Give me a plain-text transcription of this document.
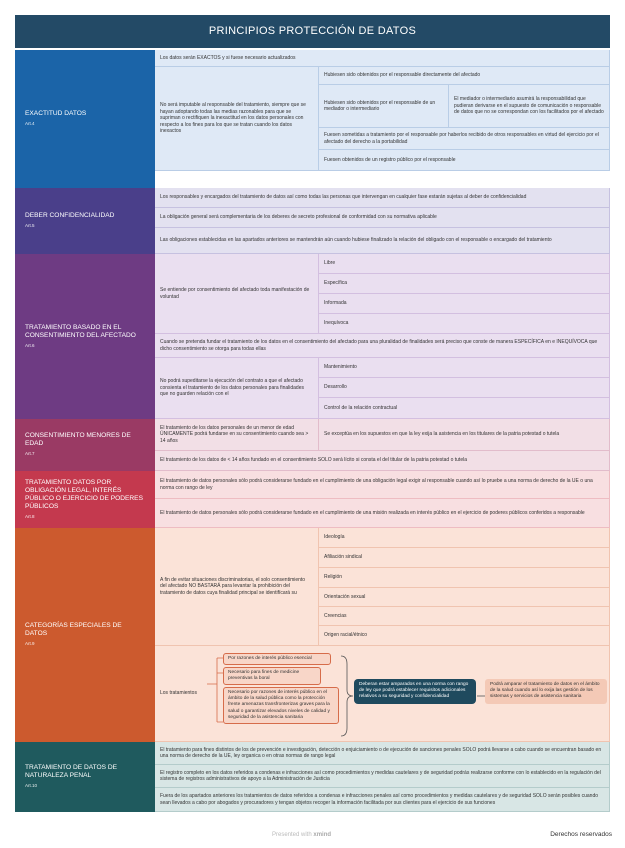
PRINCIPIOS PROTECCIÓN DE DATOS
EXACTITUD DATOS
Art.4
Los datos serán EXACTOS y si fuese necesario actualizados
No será imputable al responsable del tratamiento, siempre que se hayan adoptando todas las medias razonables para que se supriman o rectifiquen la inexactitud en los datos personales con respecto a los fines para los que se tratan cuando los datos inexactos
Hubiesen sido obtenidos por el responsable directamente del afectado
Hubiesen sido obtenidos por el responsable de un mediador o intermediario
El mediador o intermediario asumirá la responsabilidad que pudieran derivarse en el supuesto de comunicación o responsable de datos que no se correspondan con los facilitados por el afectado
Fuesen sometidas a tratamiento por el responsable por haberlos recibido de otros responsables en virtud del ejercicio por el afectado del derecho a la portabilidad
Fuesen obtenidos de un registro público por el responsable
DEBER CONFIDENCIALIDAD
Art.5
Los responsables y encargados del tratamiento de datos así como todas las personas que intervengan en cualquier fase estarán sujetas al deber de confidencialidad
La obligación general será complementaria de los deberes de secreto profesional de conformidad con su normativa aplicable
Las obligaciones establecidas en las apartados anteriores se mantendrán aún cuando hubiese finalizado la relación del obligado con el responsable o encargado del tratamiento
TRATAMIENTO BASADO EN EL CONSENTIMIENTO DEL AFECTADO
Art.6
Se entiende por consentimiento del afectado toda manifestación de voluntad
Libre
Específica
Informada
Inequívoca
Cuando se pretenda fundar el tratamiento de los datos en el consentimiento del afectado para una pluralidad de finalidades será preciso que conste de manera ESPECÍFICA en e INEQUÍVOCA que dicho consentimiento se otorga para todas ellas
No podrá supeditarse la ejecución del contrato a que el afectado consienta el tratamiento de los datos personales para finalidades que no guarden relación con el
Mantenimiento
Desarrollo
Control de la relación contractual
CONSENTIMIENTO MENORES DE EDAD
Art.7
El tratamiento de los datos personales de un menor de edad ÚNICAMENTE podrá fundarse en su consentimiento cuando sea > 14 años
Se exceptúa en los supuestos en que la ley exija la asistencia en los titulares de la patria potestad o tutela
El tratamiento de los datos de < 14 años fundado en el consentimiento SOLO será lícito si consta el del titular de la patria potestad o tutela
TRATAMIENTO DATOS POR OBLIGACIÓN LEGAL, INTERÉS PÚBLICO O EJERCICIO DE PODERES PÚBLICOS
Art.8
El tratamiento de datos personales sólo podrá considerarse fundado en el cumplimiento de una obligación legal exigir al responsable cuando así lo pruebe a una norma de derecho de la UE o una norma con rango de ley
El tratamiento de datos personales sólo podrá considerarse fundado en el cumplimiento de una misión realizada en interés público en el ejercicio de poderes públicos conferidos a responsable
CATEGORÍAS ESPECIALES DE DATOS
Art.9
A fin de evitar situaciones discriminatorias, el solo consentimiento del afectado NO BASTARÁ para levantar la prohibición del tratamiento de datos cuya finalidad principal se identifícará su
Ideología
Afiliación sindical
Religión
Orientación sexual
Creencias
Origen racial/étnico
Los tratamientos
Por razones de interés público esencial
Necesario para fines de medicine preventivas la boral
Necesario por razones de interés público en el ámbito de la salud pública como la protección frente amenazas transfronterizas graves para la salud o garantizar elevados niveles de calidad y seguridad de la asistencia sanitaria
Deberan estar amparados en una norma con rango de ley que podrá establecer requisitos adicionales relativos a su seguridad y confidencialidad
Podrá amparar el tratamiento de datos en el ámbito de la salud cuando así lo exija las gestión de los sistemas y servicios de asistencia sanitaria
TRATAMIENTO DE DATOS DE NATURALEZA PENAL
Art.10
El tratamiento para fines distintos de los de prevención e investigación, detección o enjuiciamiento o de ejecución de sanciones penales SOLO podrá llevarse a cabo cuando se encuentran basado en una norma de derecho de la UE, ley organica o en otras normas de rango legal
El registro completo en los datos referidos a condenas e infracciones así como procedimientos y medidas cautelares y de seguridad podrás realizarse conforme con lo establecido en la regulación del sistema de registros administrativos de apoyo a la Administración de Justicia
Fuera de los apartados anteriores los tratamientos de datos referidos a condenas e infracciones penales así como procedimientos y medidas cautelares y de seguridad SOLO serán posibles cuando sean llevados a cabo por abogados y procuradores y tengan objetos recoger la información facilitada por sus clientes para el ejercicio de sus funciones
Presented with xmind	Derechos reservados
